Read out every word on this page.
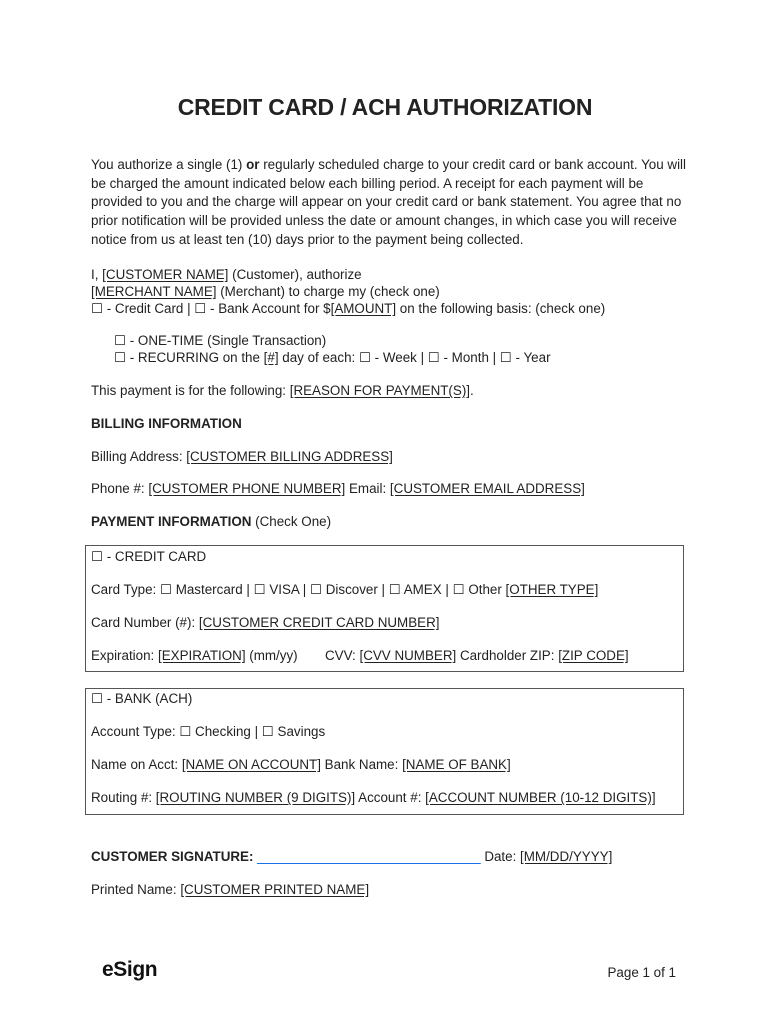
CREDIT CARD / ACH AUTHORIZATION
You authorize a single (1) or regularly scheduled charge to your credit card or bank account. You will be charged the amount indicated below each billing period. A receipt for each payment will be provided to you and the charge will appear on your credit card or bank statement. You agree that no prior notification will be provided unless the date or amount changes, in which case you will receive notice from us at least ten (10) days prior to the payment being collected.
I, [CUSTOMER NAME] (Customer), authorize
[MERCHANT NAME] (Merchant) to charge my (check one)
☐ - Credit Card | ☐ - Bank Account for $[AMOUNT] on the following basis: (check one)
☐ - ONE-TIME (Single Transaction)
☐ - RECURRING on the [#] day of each: ☐ - Week | ☐ - Month | ☐ - Year
This payment is for the following: [REASON FOR PAYMENT(S)].
BILLING INFORMATION
Billing Address: [CUSTOMER BILLING ADDRESS]
Phone #: [CUSTOMER PHONE NUMBER] Email: [CUSTOMER EMAIL ADDRESS]
PAYMENT INFORMATION (Check One)
☐ - CREDIT CARD
Card Type: ☐ Mastercard | ☐ VISA | ☐ Discover | ☐ AMEX | ☐ Other [OTHER TYPE]
Card Number (#): [CUSTOMER CREDIT CARD NUMBER]
Expiration: [EXPIRATION] (mm/yy) CVV: [CVV NUMBER] Cardholder ZIP: [ZIP CODE]
☐ - BANK (ACH)
Account Type: ☐ Checking | ☐ Savings
Name on Acct: [NAME ON ACCOUNT] Bank Name: [NAME OF BANK]
Routing #: [ROUTING NUMBER (9 DIGITS)] Account #: [ACCOUNT NUMBER (10-12 DIGITS)]
CUSTOMER SIGNATURE: ______________________________ Date: [MM/DD/YYYY]
Printed Name: [CUSTOMER PRINTED NAME]
eSign	Page 1 of 1
